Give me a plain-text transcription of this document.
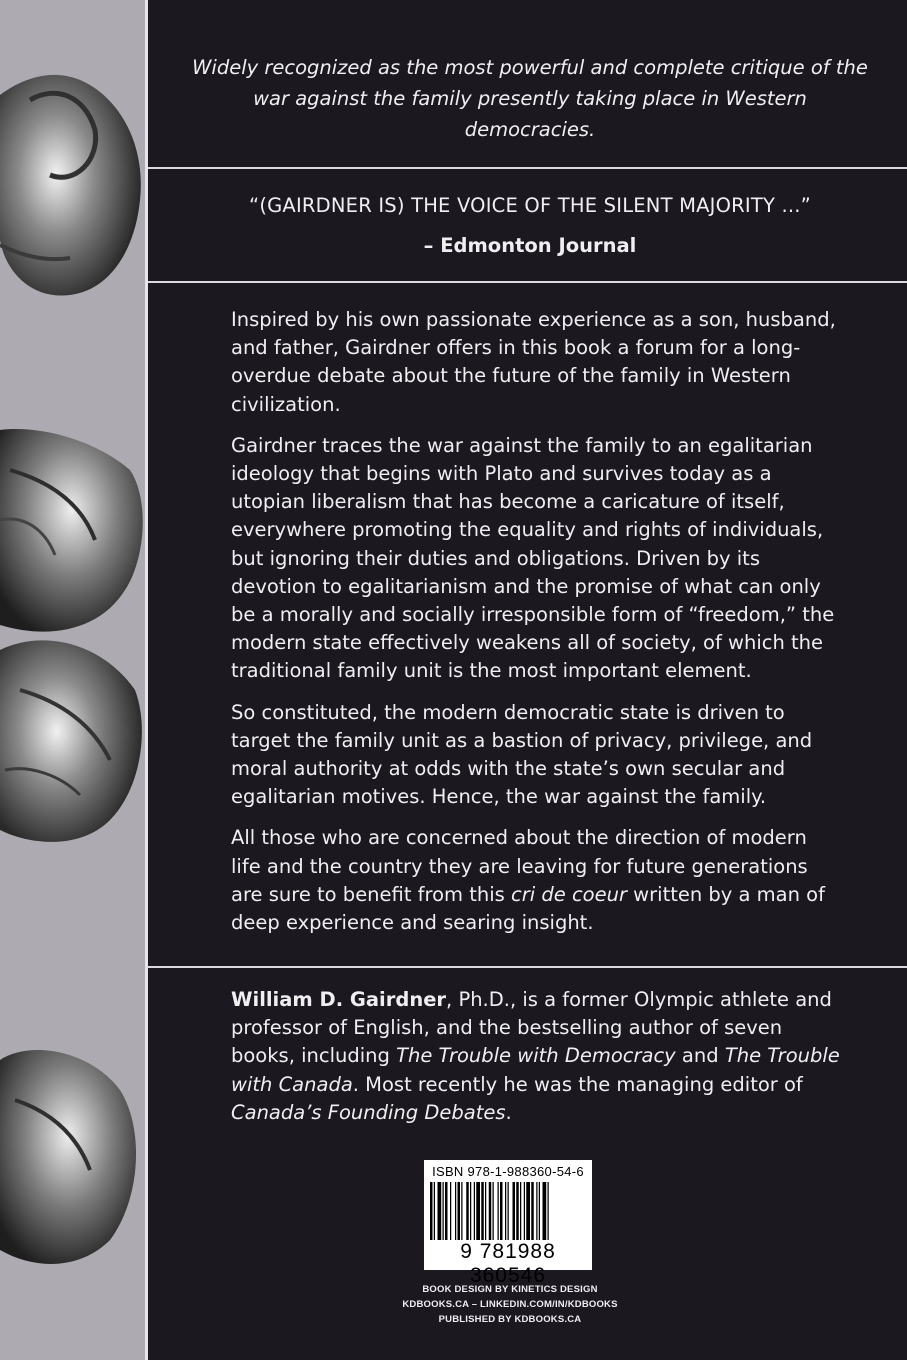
Widely recognized as the most powerful and complete critique of the war against the family presently taking place in Western democracies.
“(GAIRDNER IS) THE VOICE OF THE SILENT MAJORITY ...”
– Edmonton Journal

Inspired by his own passionate experience as a son, husband, and father, Gairdner offers in this book a forum for a long-overdue debate about the future of the family in Western civilization.

Gairdner traces the war against the family to an egalitarian ideology that begins with Plato and survives today as a utopian liberalism that has become a caricature of itself, everywhere promoting the equality and rights of individuals, but ignoring their duties and obligations. Driven by its devotion to egalitarianism and the promise of what can only be a morally and socially irresponsible form of “freedom,” the modern state effectively weakens all of society, of which the traditional family unit is the most important element.

So constituted, the modern democratic state is driven to target the family unit as a bastion of privacy, privilege, and moral authority at odds with the state’s own secular and egalitarian motives. Hence, the war against the family.

All those who are concerned about the direction of modern life and the country they are leaving for future generations are sure to benefit from this cri de coeur written by a man of deep experience and searing insight.

William D. Gairdner, Ph.D., is a former Olympic athlete and professor of English, and the bestselling author of seven books, including The Trouble with Democracy and The Trouble with Canada. Most recently he was the managing editor of Canada’s Founding Debates.

ISBN 978-1-988360-54-6
9 781988 360546
BOOK DESIGN BY KINETICS DESIGN
KDBOOKS.CA – LINKEDIN.COM/IN/KDBOOKS
PUBLISHED BY KDBOOKS.CA
